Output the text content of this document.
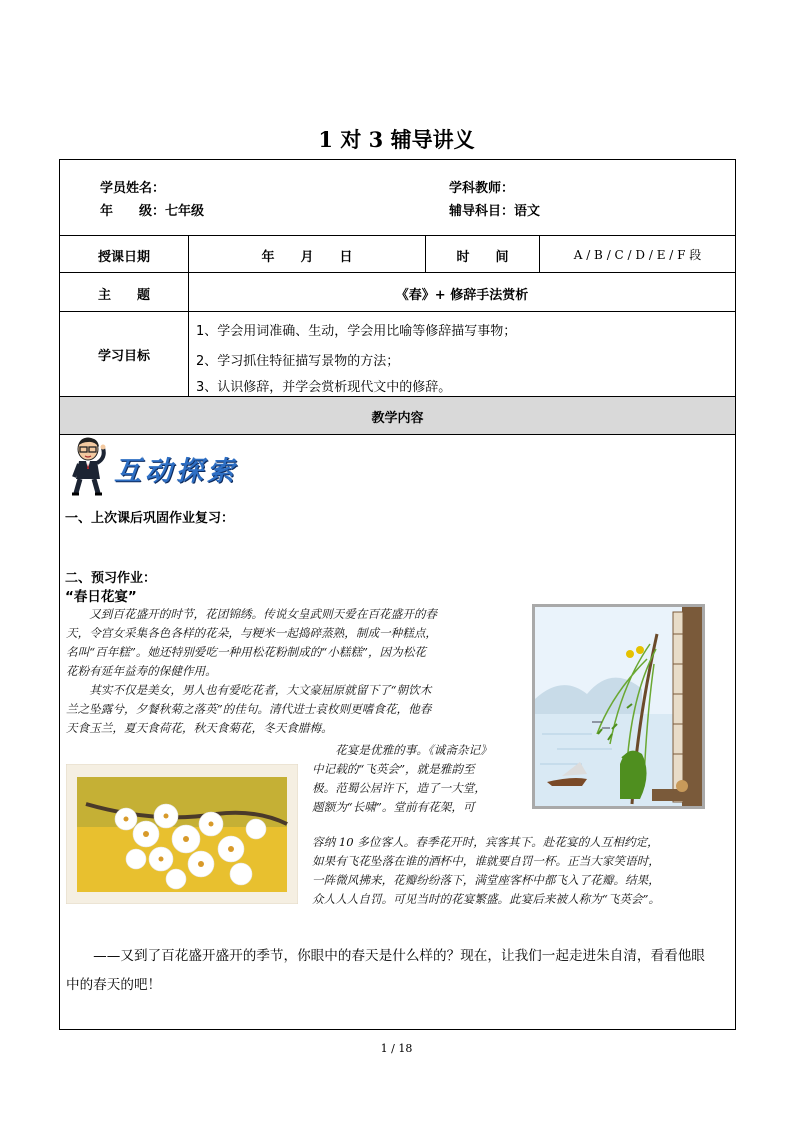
1 对 3 辅导讲义
学员姓名：
年　　级：七年级
学科教师：
辅导科目：语文
授课日期	年　　月　　日	时　　间	A / B / C / D / E / F 段
主　　题	《春》+ 修辞手法赏析
学习目标
1、学会用词准确、生动，学会用比喻等修辞描写事物；
2、学习抓住特征描写景物的方法；
3、认识修辞，并学会赏析现代文中的修辞。
教学内容
互动探索
一、上次课后巩固作业复习：
二、预习作业：
“春日花宴”

　　又到百花盛开的时节，花团锦绣。传说女皇武则天爱在百花盛开的春

天，令宫女采集各色各样的花朵，与粳米一起捣碎蒸熟，制成一种糕点，

名叫“百年糕”。她还特别爱吃一种用松花粉制成的“小糕糕”，因为松花

花粉有延年益寿的保健作用。

　　其实不仅是美女，男人也有爱吃花者，大文豪屈原就留下了“朝饮木

兰之坠露兮，夕餐秋菊之落英”的佳句。清代进士袁枚则更嗜食花，他春

天食玉兰，夏天食荷花，秋天食菊花，冬天食腊梅。

　　花宴是优雅的事。《诚斋杂记》

中记载的“飞英会”，就是雅韵至

极。范蜀公居许下，造了一大堂，

题额为“长啸”。堂前有花架，可

容纳 10 多位客人。春季花开时，宾客其下。赴花宴的人互相约定，

如果有飞花坠落在谁的酒杯中，谁就要自罚一杯。正当大家笑语时，

一阵微风拂来，花瓣纷纷落下，满堂座客杯中都飞入了花瓣。结果，

众人人人自罚。可见当时的花宴繁盛。此宴后来被人称为“飞英会”。

　　——又到了百花盛开盛开的季节，你眼中的春天是什么样的？现在，让我们一起走进朱自清，看看他眼
中的春天的吧！
1 / 18
